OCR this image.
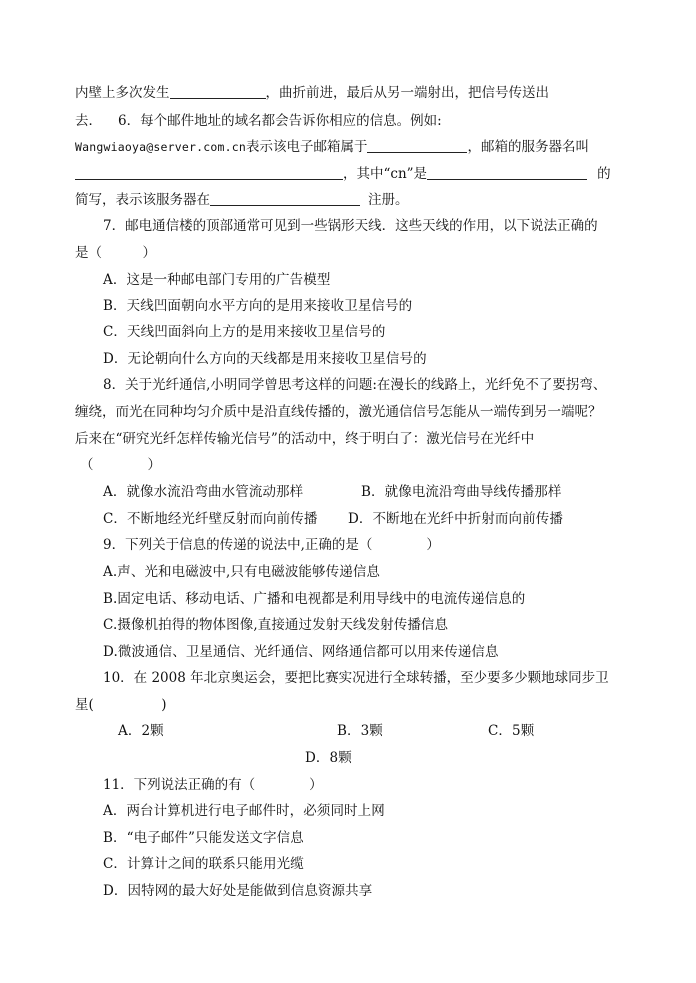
内壁上多次发生	，曲折前进，最后从另一端射出，把信号传送出
去． 6．每个邮件地址的域名都会告诉你相应的信息。例如:
Wangwiaoya@server.com.cn表示该电子邮箱属于	，邮箱的服务器名叫
，其中“cn”是	的
简写，表示该服务器在	注册。
7．邮电通信楼的顶部通常可见到一些锅形天线．这些天线的作用，以下说法正确的
是（　　　）
A．这是一种邮电部门专用的广告模型
B．天线凹面朝向水平方向的是用来接收卫星信号的
C．天线凹面斜向上方的是用来接收卫星信号的
D．无论朝向什么方向的天线都是用来接收卫星信号的
8．关于光纤通信,小明同学曾思考这样的问题:在漫长的线路上，光纤免不了要拐弯、
缠绕，而光在同种均匀介质中是沿直线传播的，激光通信信号怎能从一端传到另一端呢？
后来在“研究光纤怎样传输光信号”的活动中，终于明白了：激光信号在光纤中
（　　　　）
A．就像水流沿弯曲水管流动那样	B．就像电流沿弯曲导线传播那样
C．不断地经光纤壁反射而向前传播 D．不断地在光纤中折射而向前传播
9．下列关于信息的传递的说法中,正确的是（　　　　）
A.声、光和电磁波中,只有电磁波能够传递信息
B.固定电话、移动电话、广播和电视都是利用导线中的电流传递信息的
C.摄像机拍得的物体图像,直接通过发射天线发射传播信息
D.微波通信、卫星通信、光纤通信、网络通信都可以用来传递信息
10．在 2008 年北京奥运会，要把比赛实况进行全球转播，至少要多少颗地球同步卫
星(　　　　　)
A．2颗	B．3颗	C．5颗
D．8颗
11．下列说法正确的有（　　　　）
A．两台计算机进行电子邮件时，必须同时上网
B．“电子邮件”只能发送文字信息
C．计算计之间的联系只能用光缆
D．因特网的最大好处是能做到信息资源共享
